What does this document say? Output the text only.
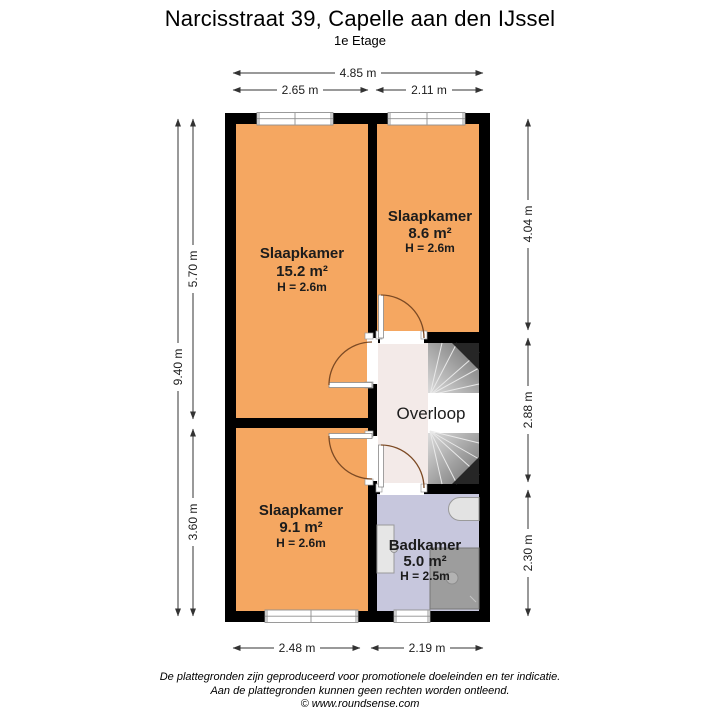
Narcisstraat 39, Capelle aan den IJssel
1e Etage
Slaapkamer
15.2 m²
H = 2.6m
Slaapkamer
8.6 m²
H = 2.6m
Slaapkamer
9.1 m²
H = 2.6m	Badkamer
5.0 m²
H = 2.5m
Overloop
4.85 m
2.65 m	2.11 m
9.40 m
5.70 m
3.60 m
4.04 m
2.88 m
2.30 m
2.48 m	2.19 m
De plattegronden zijn geproduceerd voor promotionele doeleinden en ter indicatie.
Aan de plattegronden kunnen geen rechten worden ontleend.
© www.roundsense.com
